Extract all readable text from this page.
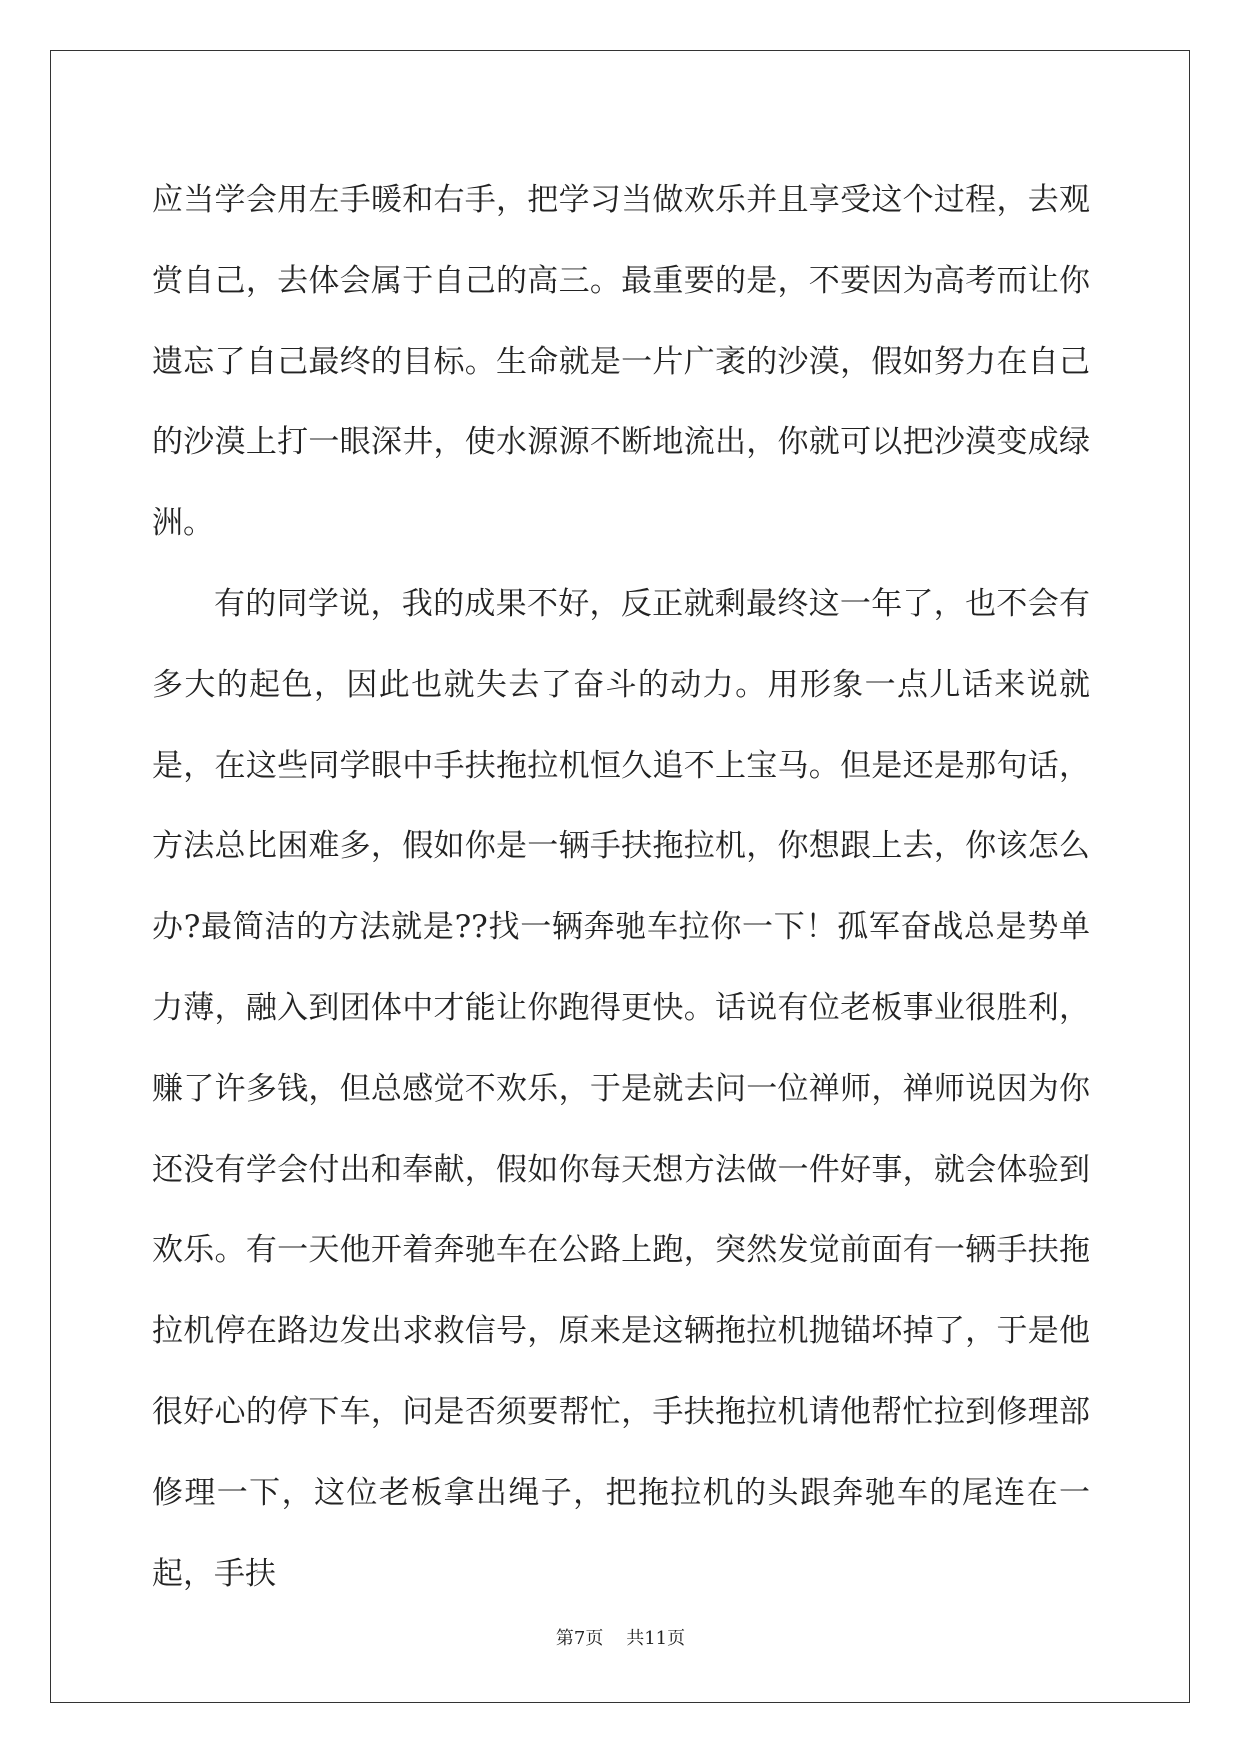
应当学会用左手暖和右手，把学习当做欢乐并且享受这个过程，去观赏自己，去体会属于自己的高三。最重要的是，不要因为高考而让你遗忘了自己最终的目标。生命就是一片广袤的沙漠，假如努力在自己的沙漠上打一眼深井，使水源源不断地流出，你就可以把沙漠变成绿洲。

有的同学说，我的成果不好，反正就剩最终这一年了，也不会有多大的起色，因此也就失去了奋斗的动力。用形象一点儿话来说就是，在这些同学眼中手扶拖拉机恒久追不上宝马。但是还是那句话，方法总比困难多，假如你是一辆手扶拖拉机，你想跟上去，你该怎么办?最简洁的方法就是??找一辆奔驰车拉你一下！孤军奋战总是势单力薄，融入到团体中才能让你跑得更快。话说有位老板事业很胜利，赚了许多钱，但总感觉不欢乐，于是就去问一位禅师，禅师说因为你还没有学会付出和奉献，假如你每天想方法做一件好事，就会体验到欢乐。有一天他开着奔驰车在公路上跑，突然发觉前面有一辆手扶拖拉机停在路边发出求救信号，原来是这辆拖拉机抛锚坏掉了，于是他很好心的停下车，问是否须要帮忙，手扶拖拉机请他帮忙拉到修理部修理一下，这位老板拿出绳子，把拖拉机的头跟奔驰车的尾连在一起，手扶

第7页 共11页
